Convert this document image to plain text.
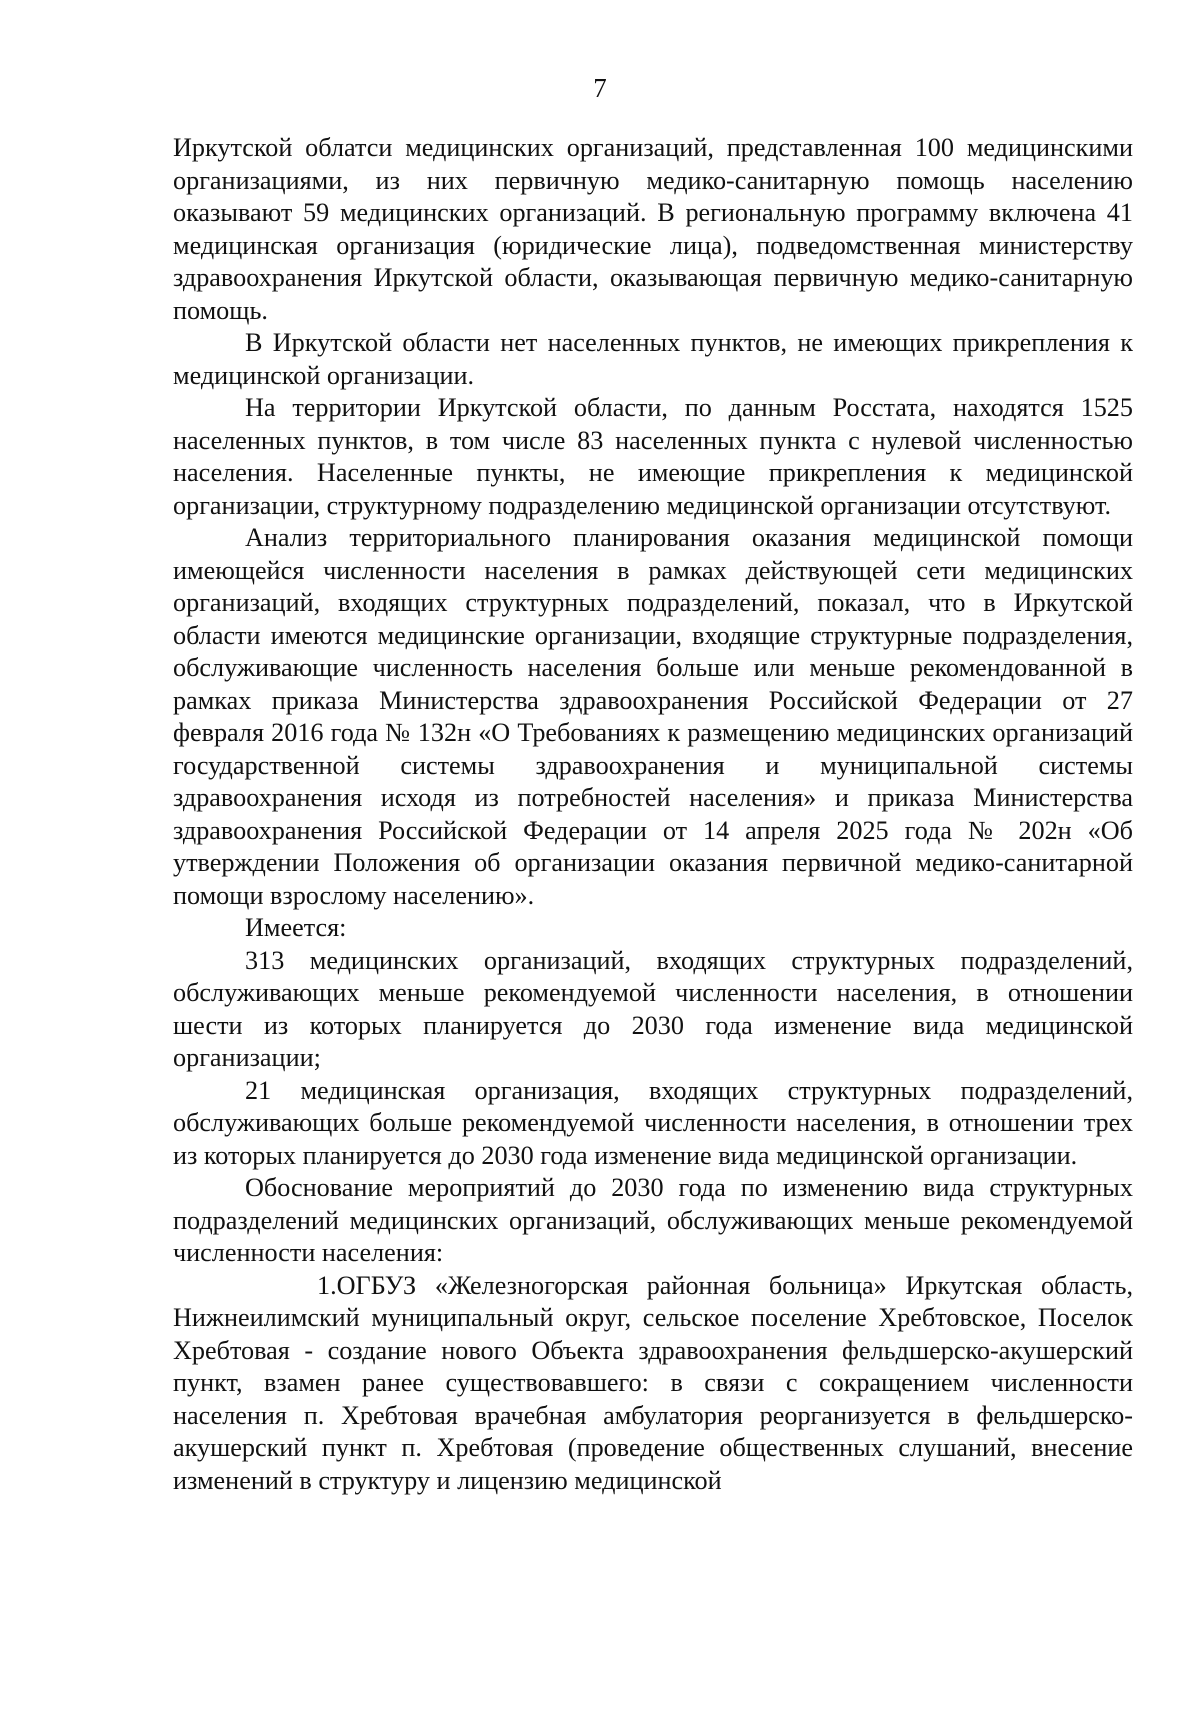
7

Иркутской облатси медицинских организаций, представленная 100 медицинскими организациями, из них первичную медико-санитарную помощь населению оказывают 59 медицинских организаций. В региональную программу включена 41 медицинская организация (юридические лица), подведомственная министерству здравоохранения Иркутской области, оказывающая первичную медико-санитарную помощь.

В Иркутской области нет населенных пунктов, не имеющих прикрепления к медицинской организации.

На территории Иркутской области, по данным Росстата, находятся 1525 населенных пунктов, в том числе 83 населенных пункта с нулевой численностью населения. Населенные пункты, не имеющие прикрепления к медицинской организации, структурному подразделению медицинской организации отсутствуют.

Анализ территориального планирования оказания медицинской помощи имеющейся численности населения в рамках действующей сети медицинских организаций, входящих структурных подразделений, показал, что в Иркутской области имеются медицинские организации, входящие структурные подразделения, обслуживающие численность населения больше или меньше рекомендованной в рамках приказа Министерства здравоохранения Российской Федерации от 27 февраля 2016 года № 132н «О Требованиях к размещению медицинских организаций государственной системы здравоохранения и муниципальной системы здравоохранения исходя из потребностей населения» и приказа Министерства здравоохранения Российской Федерации от 14 апреля 2025 года № 202н «Об утверждении Положения об организации оказания первичной медико-санитарной помощи взрослому населению».

Имеется:

313 медицинских организаций, входящих структурных подразделений, обслуживающих меньше рекомендуемой численности населения, в отношении шести из которых планируется до 2030 года изменение вида медицинской организации;

21 медицинская организация, входящих структурных подразделений, обслуживающих больше рекомендуемой численности населения, в отношении трех из которых планируется до 2030 года изменение вида медицинской организации.

Обоснование мероприятий до 2030 года по изменению вида структурных подразделений медицинских организаций, обслуживающих меньше рекомендуемой численности населения:

1.ОГБУЗ «Железногорская районная больница» Иркутская область, Нижнеилимский муниципальный округ, сельское поселение Хребтовское, Поселок Хребтовая - создание нового Объекта здравоохранения фельдшерско-акушерский пункт, взамен ранее существовавшего: в связи с сокращением численности населения п. Хребтовая врачебная амбулатория реорганизуется в фельдшерско-акушерский пункт п. Хребтовая (проведение общественных слушаний, внесение изменений в структуру и лицензию медицинской
